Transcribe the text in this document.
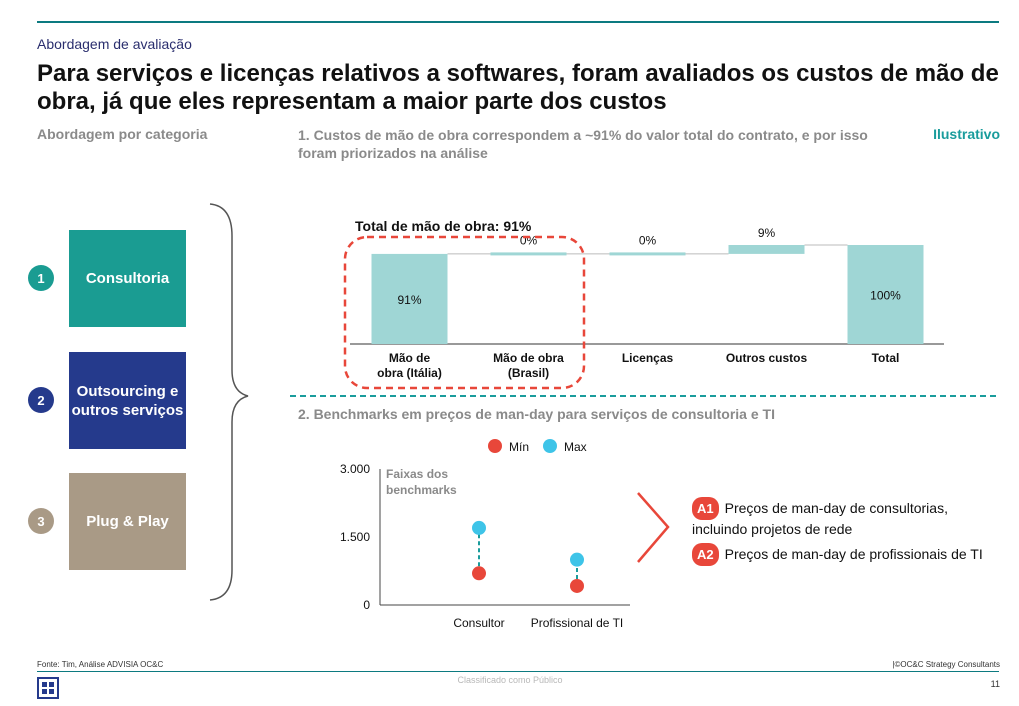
Abordagem de avaliação
Para serviços e licenças relativos a softwares, foram avaliados os custos de mão de obra, já que eles representam a maior parte dos custos
Abordagem por categoria	1. Custos de mão de obra correspondem a ~91% do valor total do contrato, e por isso foram priorizados na análise
Ilustrativo
1	Consultoria
2
Outsourcing e outros serviços
3	Plug & Play
91%
Mão de obra (Itália)
0%
Mão de obra (Brasil)
0%
Licenças
9%
Outros custos
100%
Total
Total de mão de obra: 91%
0
1.500
3.000 Faixas dos benchmarks
Mín	Max
Consultor Profissional de TI
2. Benchmarks em preços de man-day para serviços de consultoria e TI
A1 Preços de man-day de consultorias, incluindo projetos de rede
A2 Preços de man-day de profissionais de TI
Fonte: Tim, Análise ADVISIA OC&C	|©OC&C Strategy Consultants
Classificado como Público	11
